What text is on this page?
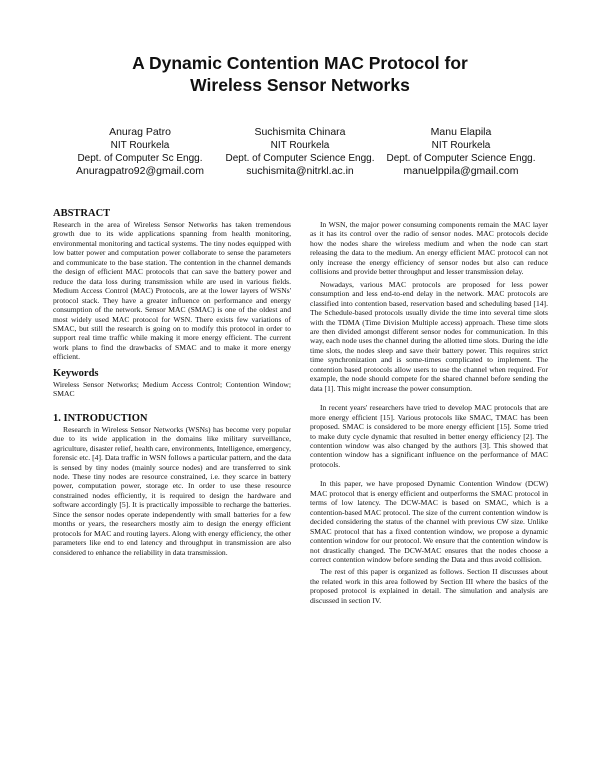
A Dynamic Contention MAC Protocol for
Wireless Sensor Networks
Anurag Patro
NIT Rourkela
Dept. of Computer Sc Engg.
Anuragpatro92@gmail.com
Suchismita Chinara
NIT Rourkela
Dept. of Computer Science Engg.
suchismita@nitrkl.ac.in
Manu Elapila
NIT Rourkela
Dept. of Computer Science Engg.
manuelppila@gmail.com
ABSTRACT

Research in the area of Wireless Sensor Networks has taken tremendous growth due to its wide applications spanning from health monitoring, environmental monitoring and tactical systems. The tiny nodes equipped with low batter power and computation power collaborate to sense the parameters and communicate to the base station. The contention in the channel demands the design of efficient MAC protocols that can save the battery power and reduce the data loss during transmission while are used in various fields. Medium Access Control (MAC) Protocols, are at the lower layers of WSNs' protocol stack. They have a greater influence on performance and energy consumption of the network. Sensor MAC (SMAC) is one of the oldest and most widely used MAC protocol for WSN. There exists few variations of SMAC, but still the research is going on to modify this protocol in order to support real time traffic while making it more energy efficient. The current work plans to find the drawbacks of SMAC and to make it more energy efficient.

Keywords

Wireless Sensor Networks; Medium Access Control; Contention Window; SMAC

1. INTRODUCTION

Research in Wireless Sensor Networks (WSNs) has become very popular due to its wide application in the domains like military surveillance, agriculture, disaster relief, health care, environments, Intelligence, emergency, forensic etc. [4]. Data traffic in WSN follows a particular pattern, and the data is sensed by tiny nodes (mainly source nodes) and are transferred to sink node. These tiny nodes are resource constrained, i.e. they scarce in battery power, computation power, storage etc. In order to use these resource constrained nodes efficiently, it is required to design the hardware and software accordingly [5]. It is practically impossible to recharge the batteries. Since the sensor nodes operate independently with small batteries for a few months or years, the researchers mostly aim to design the energy efficient protocols for MAC and routing layers. Along with energy efficiency, the other parameters like end to end latency and throughput in transmission are also considered to enhance the reliability in data transmission.

In WSN, the major power consuming components remain the MAC layer as it has its control over the radio of sensor nodes. MAC protocols decide how the nodes share the wireless medium and when the node can start releasing the data to the medium. An energy efficient MAC protocol can not only increase the energy efficiency of sensor nodes but also can reduce collisions and provide better throughput and lesser transmission delay.

Nowadays, various MAC protocols are proposed for less power consumption and less end-to-end delay in the network. MAC protocols are classified into contention based, reservation based and scheduling based [14]. The Schedule-based protocols usually divide the time into several time slots with the TDMA (Time Division Multiple access) approach. These time slots are then divided amongst different sensor nodes for communication. In this way, each node uses the channel during the allotted time slots. During the idle time slots, the nodes sleep and save their battery power. This requires strict time synchronization and is some-times complicated to implement. The contention based protocols allow users to use the channel when required. For example, the node should compete for the shared channel before sending the data [1]. This might increase the power consumption.

In recent years' researchers have tried to develop MAC protocols that are more energy efficient [15]. Various protocols like SMAC, TMAC has been proposed. SMAC is considered to be more energy efficient [15]. Some tried to make duty cycle dynamic that resulted in better energy efficiency [2]. The contention window was also changed by the authors [3]. This showed that contention window has a significant influence on the performance of MAC protocols.

In this paper, we have proposed Dynamic Contention Window (DCW) MAC protocol that is energy efficient and outperforms the SMAC protocol in terms of low latency. The DCW-MAC is based on SMAC, which is a contention-based MAC protocol. The size of the current contention window is decided considering the status of the channel with previous CW size. Unlike SMAC protocol that has a fixed contention window, we propose a dynamic contention window for our protocol. We ensure that the contention window is not drastically changed. The DCW-MAC ensures that the nodes choose a correct contention window before sending the Data and thus avoid collision.

The rest of this paper is organized as follows. Section II discusses about the related work in this area followed by Section III where the basics of the proposed protocol is explained in detail. The simulation and analysis are discussed in section IV.
